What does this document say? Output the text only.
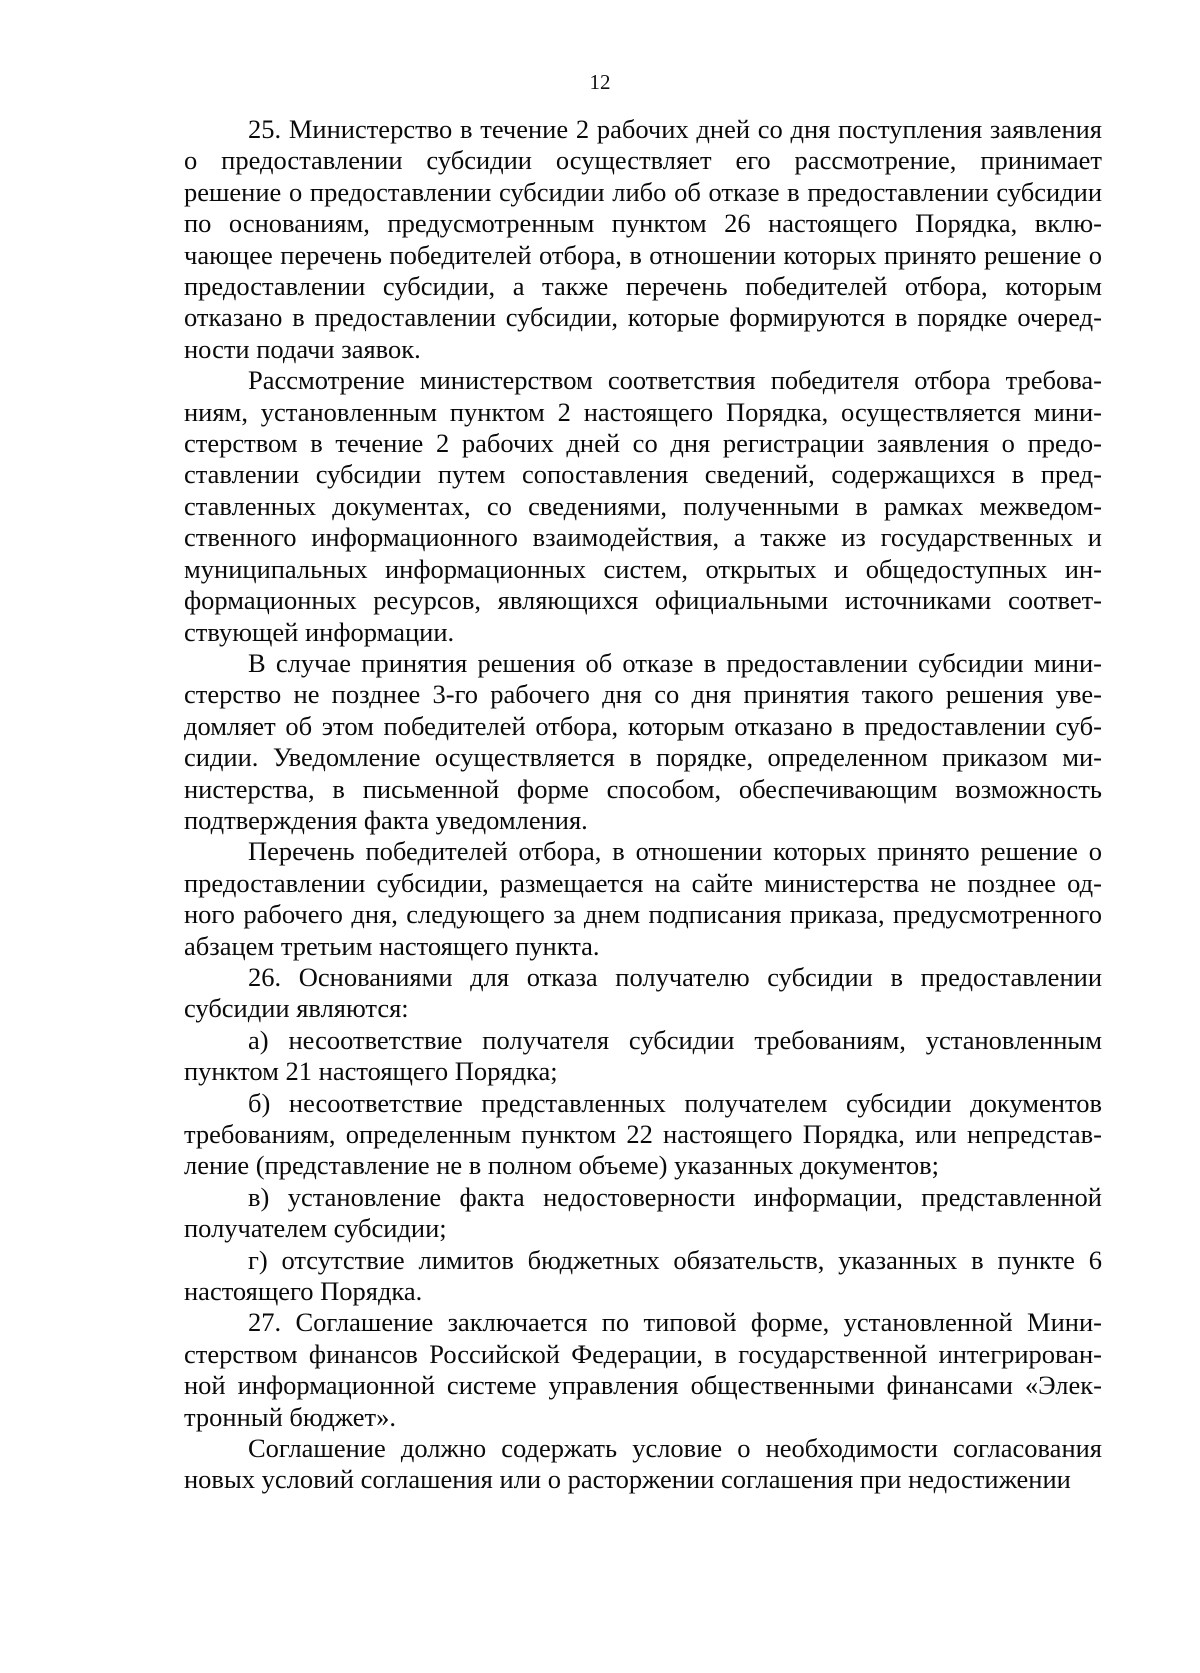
12

25. Министерство в течение 2 рабочих дней со дня поступления заявления о предоставлении субсидии осуществляет его рассмотрение, принимает решение о предоставлении субсидии либо об отказе в предоставлении субсидии по основаниям, предусмотренным пунктом 26 настоящего Порядка, включающее перечень победителей отбора, в отношении которых принято решение о предоставлении субсидии, а также перечень победителей отбора, которым отказано в предоставлении субсидии, которые формируются в порядке очередности подачи заявок.

Рассмотрение министерством соответствия победителя отбора требованиям, установленным пунктом 2 настоящего Порядка, осуществляется министерством в течение 2 рабочих дней со дня регистрации заявления о предоставлении субсидии путем сопоставления сведений, содержащихся в представленных документах, со сведениями, полученными в рамках межведомственного информационного взаимодействия, а также из государственных и муниципальных информационных систем, открытых и общедоступных информационных ресурсов, являющихся официальными источниками соответствующей информации.

В случае принятия решения об отказе в предоставлении субсидии министерство не позднее 3-го рабочего дня со дня принятия такого решения уведомляет об этом победителей отбора, которым отказано в предоставлении субсидии. Уведомление осуществляется в порядке, определенном приказом министерства, в письменной форме способом, обеспечивающим возможность подтверждения факта уведомления.

Перечень победителей отбора, в отношении которых принято решение о предоставлении субсидии, размещается на сайте министерства не позднее одного рабочего дня, следующего за днем подписания приказа, предусмотренного абзацем третьим настоящего пункта.

26. Основаниями для отказа получателю субсидии в предоставлении субсидии являются:

а) несоответствие получателя субсидии требованиям, установленным пунктом 21 настоящего Порядка;

б) несоответствие представленных получателем субсидии документов требованиям, определенным пунктом 22 настоящего Порядка, или непредставление (представление не в полном объеме) указанных документов;

в) установление факта недостоверности информации, представленной получателем субсидии;

г) отсутствие лимитов бюджетных обязательств, указанных в пункте 6 настоящего Порядка.

27. Соглашение заключается по типовой форме, установленной Министерством финансов Российской Федерации, в государственной интегрированной информационной системе управления общественными финансами «Электронный бюджет».

Соглашение должно содержать условие о необходимости согласования новых условий соглашения или о расторжении соглашения при недостижении
